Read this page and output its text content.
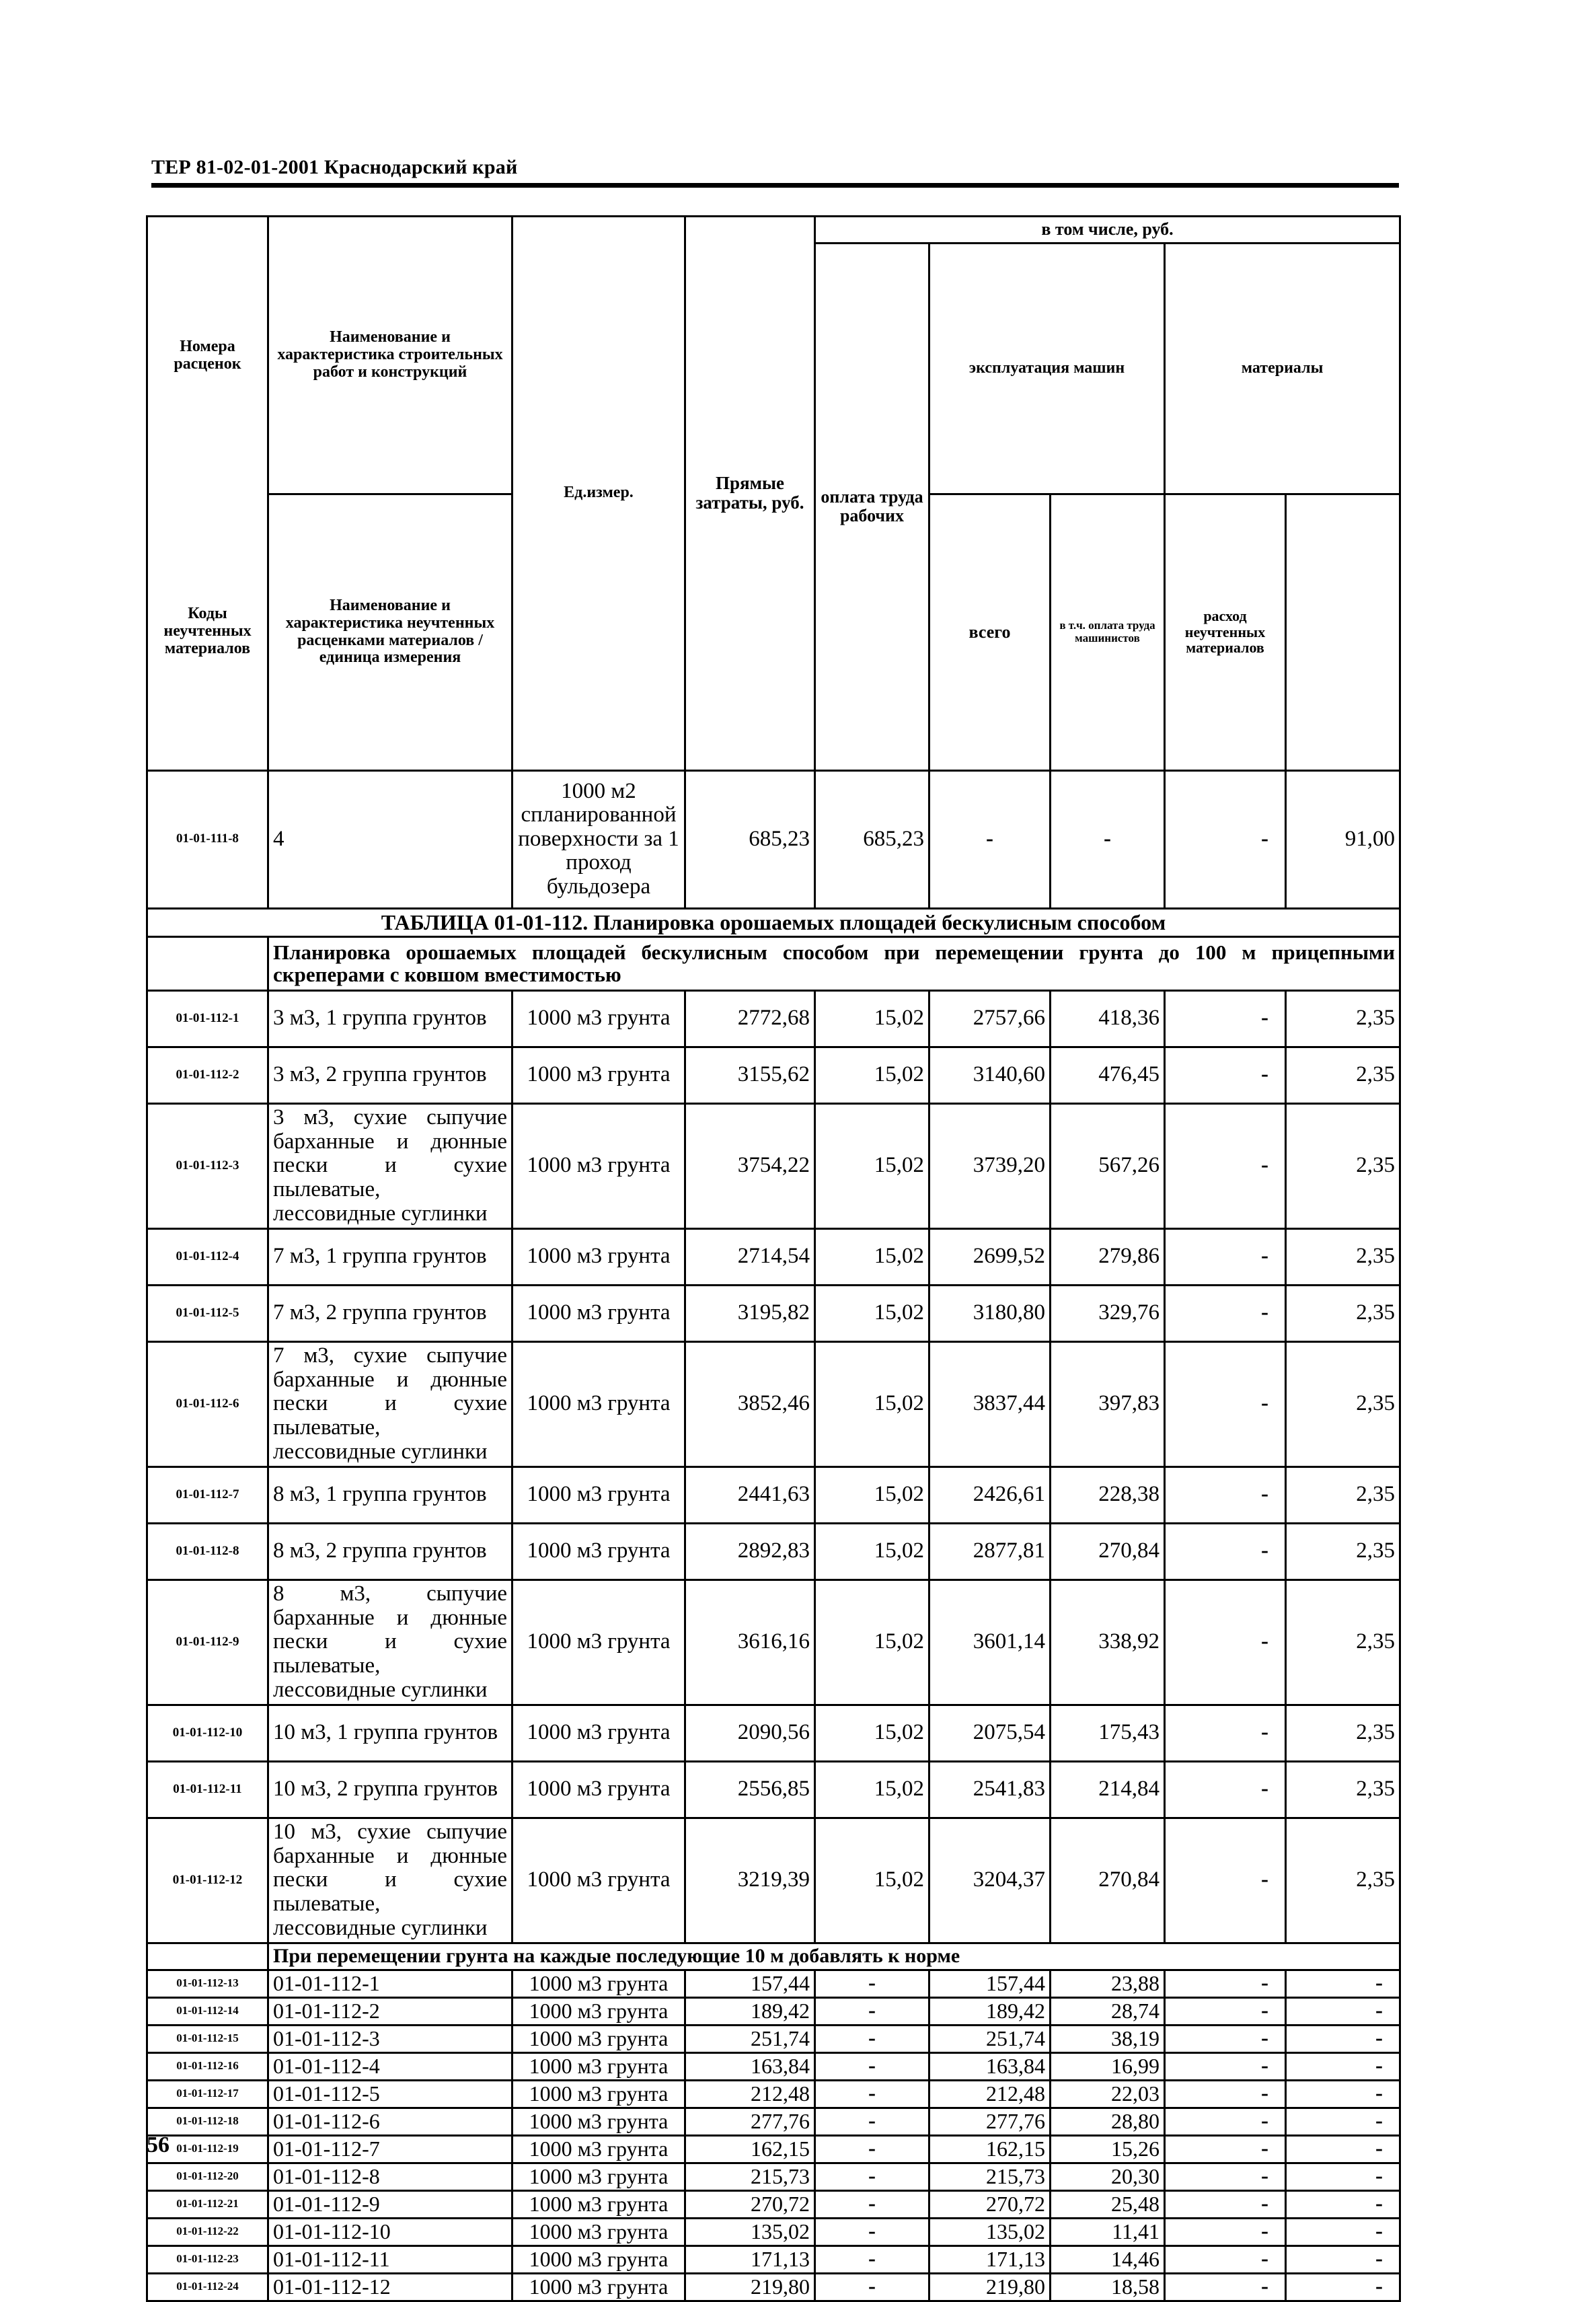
ТЕР 81-02-01-2001 Краснодарский край
Номера расценок	Наименование и характеристика строительных работ и конструкций	Ед.измер.	Прямые затраты, руб.	в том числе, руб.	
				оплата труда рабочих	эксплуатация машин		материалы		
Коды неучтенных материалов	Наименование и характеристика неучтенных расценками материалов / единица измерения				всего	в т.ч. оплата труда машинистов	расход неучтенных материалов		

01-01-111-8	4	1000 м2 спланированной поверхности за 1 проход бульдозера	685,23	685,23	-	-	-	91,00	
ТАБЛИЦА 01-01-112. Планировка орошаемых площадей бескулисным способом									
	Планировка орошаемых площадей бескулисным способом при перемещении грунта до 100 м прицепными скреперами с ковшом вместимостью								
01-01-112-1	3 м3, 1 группа грунтов	1000 м3 грунта	2772,68	15,02	2757,66	418,36	-	2,35	
01-01-112-2	3 м3, 2 группа грунтов	1000 м3 грунта	3155,62	15,02	3140,60	476,45	-	2,35	
01-01-112-3	3 м3, сухие сыпучие барханные и дюнные пески и сухие пылеватые, лессовидные суглинки	1000 м3 грунта	3754,22	15,02	3739,20	567,26	-	2,35	
01-01-112-4	7 м3, 1 группа грунтов	1000 м3 грунта	2714,54	15,02	2699,52	279,86	-	2,35	
01-01-112-5	7 м3, 2 группа грунтов	1000 м3 грунта	3195,82	15,02	3180,80	329,76	-	2,35	
01-01-112-6	7 м3, сухие сыпучие барханные и дюнные пески и сухие пылеватые, лессовидные суглинки	1000 м3 грунта	3852,46	15,02	3837,44	397,83	-	2,35	
01-01-112-7	8 м3, 1 группа грунтов	1000 м3 грунта	2441,63	15,02	2426,61	228,38	-	2,35	
01-01-112-8	8 м3, 2 группа грунтов	1000 м3 грунта	2892,83	15,02	2877,81	270,84	-	2,35	
01-01-112-9	8 м3, сыпучие барханные и дюнные пески и сухие пылеватые, лессовидные суглинки	1000 м3 грунта	3616,16	15,02	3601,14	338,92	-	2,35	
01-01-112-10	10 м3, 1 группа грунтов	1000 м3 грунта	2090,56	15,02	2075,54	175,43	-	2,35	
01-01-112-11	10 м3, 2 группа грунтов	1000 м3 грунта	2556,85	15,02	2541,83	214,84	-	2,35	
01-01-112-12	10 м3, сухие сыпучие барханные и дюнные пески и сухие пылеватые, лессовидные суглинки	1000 м3 грунта	3219,39	15,02	3204,37	270,84	-	2,35	
	При перемещении грунта на каждые последующие 10 м добавлять к норме								
01-01-112-13	01-01-112-1	1000 м3 грунта	157,44	-	157,44	23,88	-	-	
01-01-112-14	01-01-112-2	1000 м3 грунта	189,42	-	189,42	28,74	-	-	
01-01-112-15	01-01-112-3	1000 м3 грунта	251,74	-	251,74	38,19	-	-	
01-01-112-16	01-01-112-4	1000 м3 грунта	163,84	-	163,84	16,99	-	-	
01-01-112-17	01-01-112-5	1000 м3 грунта	212,48	-	212,48	22,03	-	-	
01-01-112-18	01-01-112-6	1000 м3 грунта	277,76	-	277,76	28,80	-	-	
01-01-112-19	01-01-112-7	1000 м3 грунта	162,15	-	162,15	15,26	-	-	
01-01-112-20	01-01-112-8	1000 м3 грунта	215,73	-	215,73	20,30	-	-	
01-01-112-21	01-01-112-9	1000 м3 грунта	270,72	-	270,72	25,48	-	-	
01-01-112-22	01-01-112-10	1000 м3 грунта	135,02	-	135,02	11,41	-	-	
01-01-112-23	01-01-112-11	1000 м3 грунта	171,13	-	171,13	14,46	-	-	
01-01-112-24	01-01-112-12	1000 м3 грунта	219,80	-	219,80	18,58	-	-	
56
